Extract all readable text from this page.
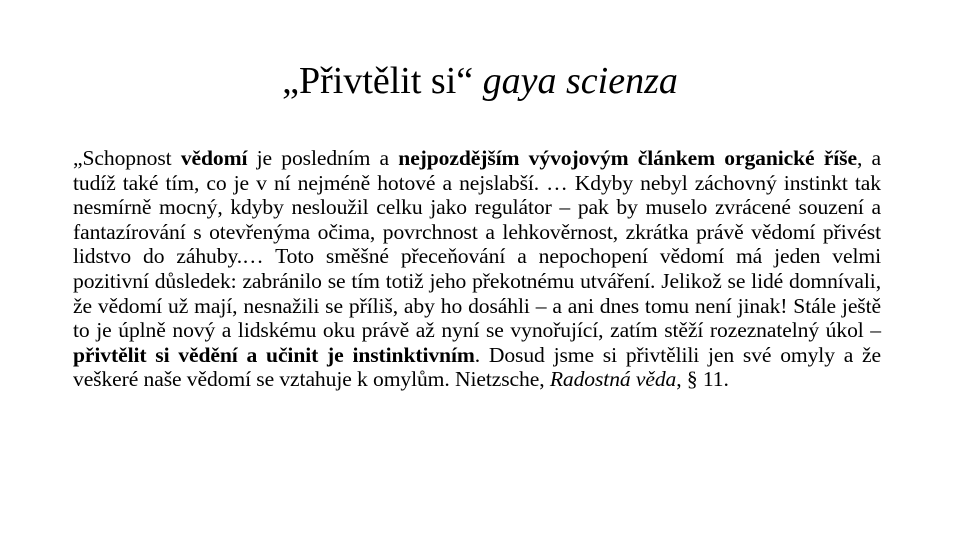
„Přivtělit si“ gaya scienza
„Schopnost vědomí je posledním a nejpozdějším vývojovým článkem organické říše, a tudíž také tím, co je v ní nejméně hotové a nejslabší. … Kdyby nebyl záchovný instinkt tak nesmírně mocný, kdyby nesloužil celku jako regulátor – pak by muselo zvrácené souzení a fantazírování s otevřenýma očima, povrchnost a lehkověrnost, zkrátka právě vědomí přivést lidstvo do záhuby.… Toto směšné přeceňování a nepochopení vědomí má jeden velmi pozitivní důsledek: zabránilo se tím totiž jeho překotnému utváření. Jelikož se lidé domnívali, že vědomí už mají, nesnažili se příliš, aby ho dosáhli – a ani dnes tomu není jinak! Stále ještě to je úplně nový a lidskému oku právě až nyní se vynořující, zatím stěží rozeznatelný úkol – přivtělit si vědění a učinit je instinktivním. Dosud jsme si přivtělili jen své omyly a že veškeré naše vědomí se vztahuje k omylům. Nietzsche, Radostná věda, § 11.
